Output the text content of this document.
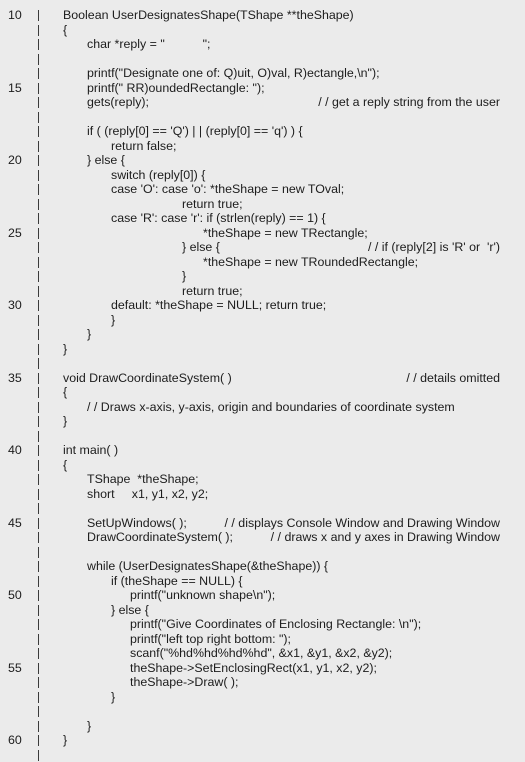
10	Boolean UserDesignatesShape(TShape **theShape)
{
char *reply = "           ";
printf("Designate one of: Q)uit, O)val, R)ectangle,\n");
15	printf(" RR)oundedRectangle: ");
gets(reply);	/ / get a reply string from the user
if ( (reply[0] == 'Q') | | (reply[0] == 'q') ) {
return false;
20	} else {
switch (reply[0]) {
case 'O': case 'o': *theShape = new TOval;
return true;
case 'R': case 'r': if (strlen(reply) == 1) {
25	*theShape = new TRectangle;
} else {	/ / if (reply[2] is 'R' or  'r')
*theShape = new TRoundedRectangle;
}
return true;
30	default: *theShape = NULL; return true;
}
}
}
35	void DrawCoordinateSystem( )	/ / details omitted
{
/ / Draws x-axis, y-axis, origin and boundaries of coordinate system
}
40	int main( )
{
TShape  *theShape;
short     x1, y1, x2, y2;
45	SetUpWindows( );	/ / displays Console Window and Drawing Window
DrawCoordinateSystem( );	/ / draws x and y axes in Drawing Window
while (UserDesignatesShape(&theShape)) {
if (theShape == NULL) {
50	printf("unknown shape\n");
} else {
printf("Give Coordinates of Enclosing Rectangle: \n");
printf("left top right bottom: ");
scanf("%hd%hd%hd%hd", &x1, &y1, &x2, &y2);
55	theShape->SetEnclosingRect(x1, y1, x2, y2);
theShape->Draw( );
}
}
60	}
